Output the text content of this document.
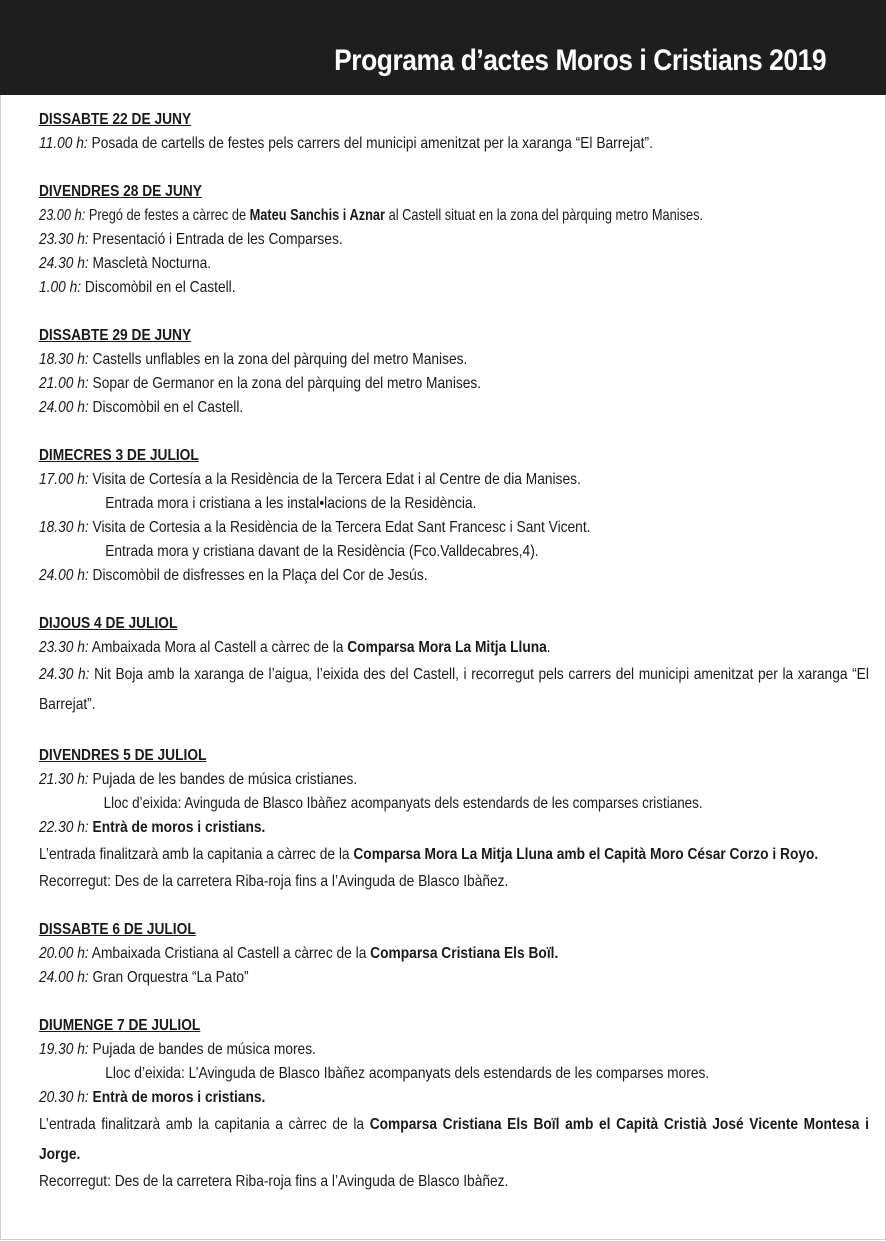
Programa d’actes Moros i Cristians 2019
DISSABTE 22 DE JUNY
11.00 h: Posada de cartells de festes pels carrers del municipi amenitzat per la xaranga “El Barrejat”.
DIVENDRES 28 DE JUNY
23.00 h: Pregó de festes a càrrec de Mateu Sanchis i Aznar al Castell situat en la zona del pàrquing metro Manises.
23.30 h: Presentació i Entrada de les Comparses.
24.30 h: Mascletà Nocturna.
1.00 h: Discomòbil en el Castell.
DISSABTE 29 DE JUNY
18.30 h: Castells unflables en la zona del pàrquing del metro Manises.
21.00 h: Sopar de Germanor en la zona del pàrquing del metro Manises.
24.00 h: Discomòbil en el Castell.
DIMECRES 3 DE JULIOL
17.00 h: Visita de Cortesía a la Residència de la Tercera Edat i al Centre de dia Manises.
Entrada mora i cristiana a les instal•lacions de la Residència.
18.30 h: Visita de Cortesia a la Residència de la Tercera Edat Sant Francesc i Sant Vicent.
Entrada mora y cristiana davant de la Residència (Fco.Valldecabres,4).
24.00 h: Discomòbil de disfresses en la Plaça del Cor de Jesús.
DIJOUS 4 DE JULIOL
23.30 h: Ambaixada Mora al Castell a càrrec de la Comparsa Mora La Mitja Lluna.
24.30 h: Nit Boja amb la xaranga de l’aigua, l’eixida des del Castell, i recorregut pels carrers del municipi amenitzat per la xaranga “El Barrejat”.
DIVENDRES 5 DE JULIOL
21.30 h: Pujada de les bandes de música cristianes.
Lloc d’eixida: Avinguda de Blasco Ibàñez acompanyats dels estendards de les comparses cristianes.
22.30 h: Entrà de moros i cristians.
L’entrada finalitzarà amb la capitania a càrrec de la Comparsa Mora La Mitja Lluna amb el Capità Moro César Corzo i Royo.
Recorregut: Des de la carretera Riba-roja fins a l’Avinguda de Blasco Ibàñez.
DISSABTE 6 DE JULIOL
20.00 h: Ambaixada Cristiana al Castell a càrrec de la Comparsa Cristiana Els Boïl.
24.00 h: Gran Orquestra “La Pato”
DIUMENGE 7 DE JULIOL
19.30 h: Pujada de bandes de música mores.
Lloc d’eixida: L’Avinguda de Blasco Ibàñez acompanyats dels estendards de les comparses mores.
20.30 h: Entrà de moros i cristians.
L’entrada finalitzarà amb la capitania a càrrec de la Comparsa Cristiana Els Boïl amb el Capità Cristià José Vicente Montesa i Jorge.
Recorregut: Des de la carretera Riba-roja fins a l’Avinguda de Blasco Ibàñez.
